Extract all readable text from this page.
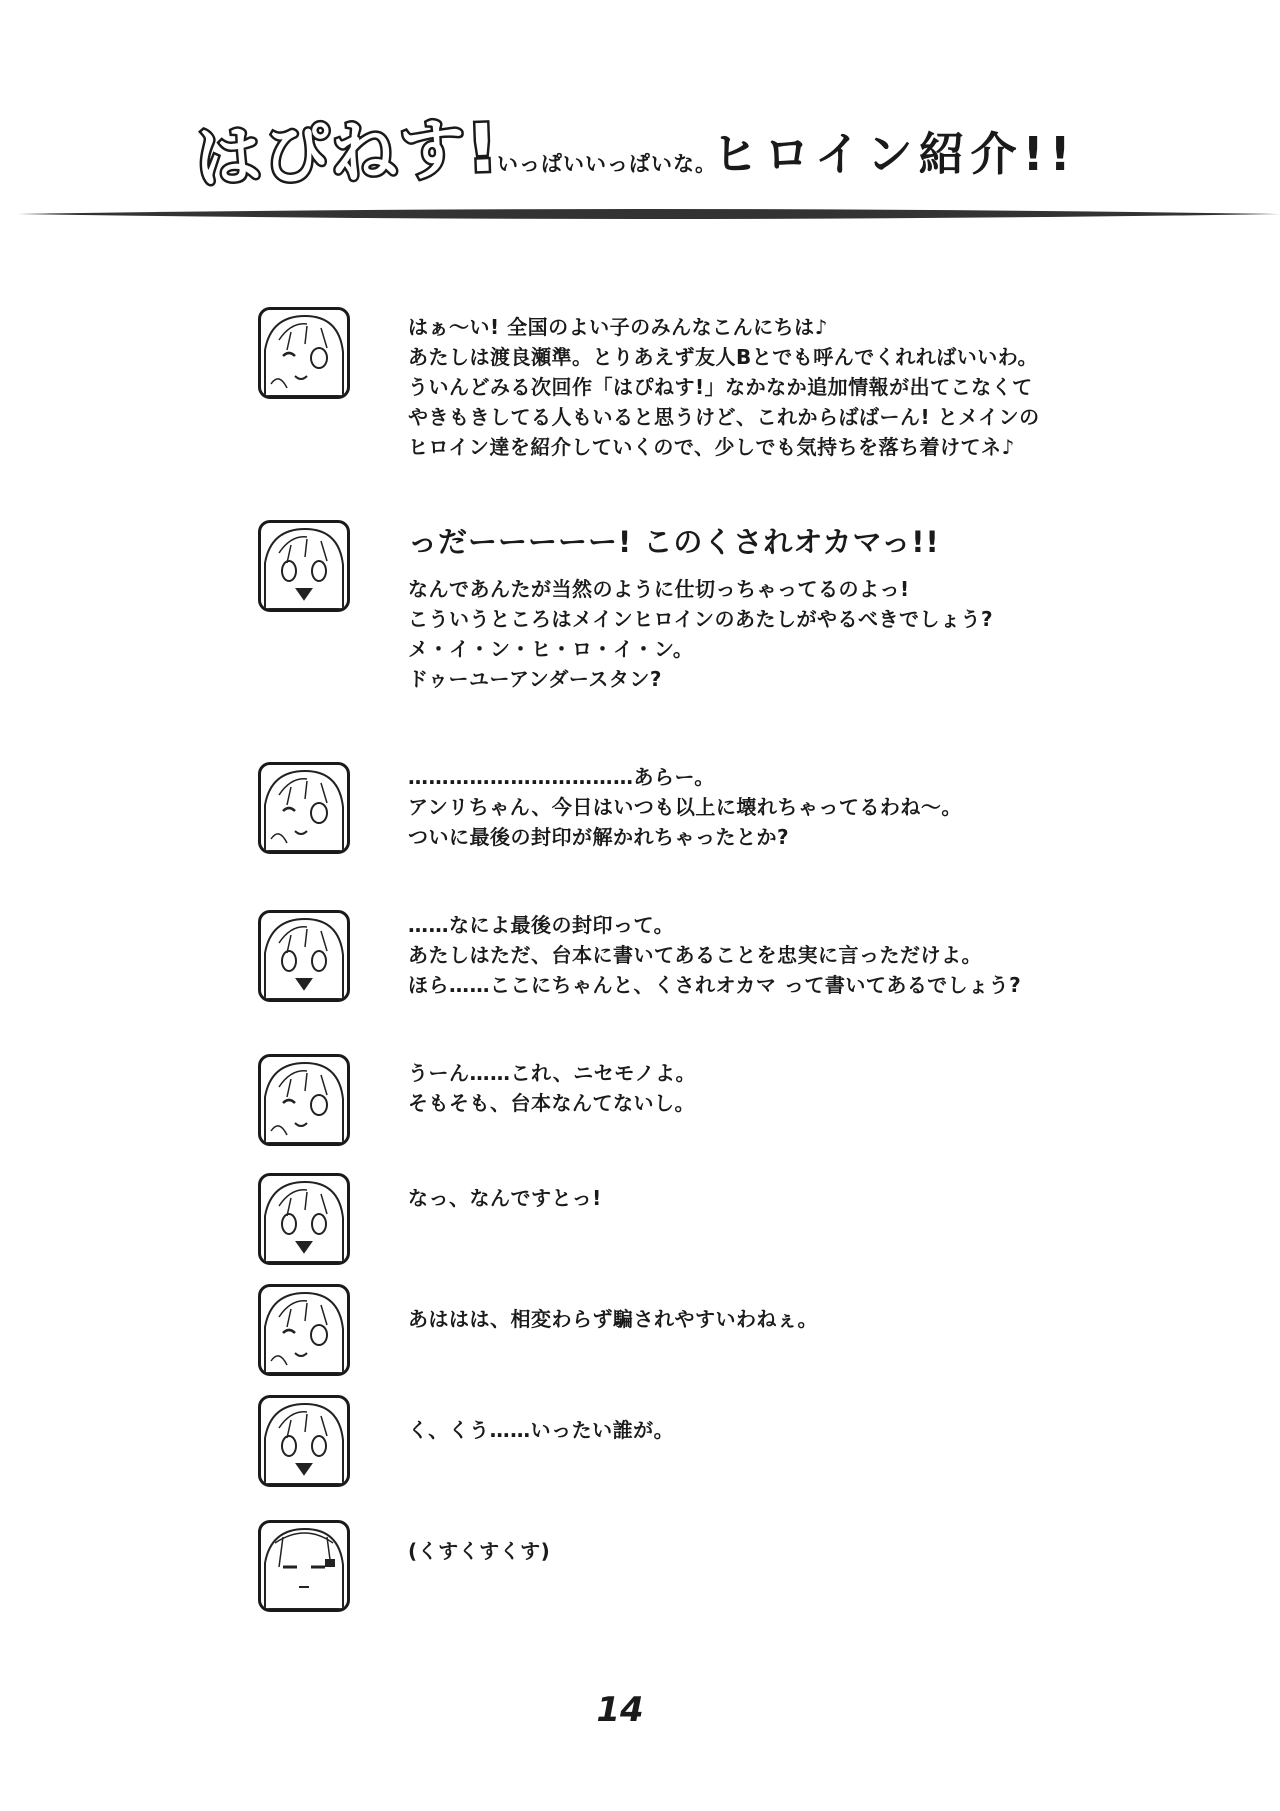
はぴねす!
いっぱいいっぱいな。
ヒロイン紹介!!
はぁ〜い! 全国のよい子のみんなこんにちは♪
あたしは渡良瀬準。とりあえず友人Bとでも呼んでくれればいいわ。
ういんどみる次回作「はぴねす!」なかなか追加情報が出てこなくて
やきもきしてる人もいると思うけど、これからばばーん! とメインの
ヒロイン達を紹介していくので、少しでも気持ちを落ち着けてネ♪
っだーーーーー! このくされオカマっ!!
なんであんたが当然のように仕切っちゃってるのよっ!
こういうところはメインヒロインのあたしがやるべきでしょう?
メ・イ・ン・ヒ・ロ・イ・ン。
ドゥーユーアンダースタン?
……………………………あらー。
アンリちゃん、今日はいつも以上に壊れちゃってるわね〜。
ついに最後の封印が解かれちゃったとか?
……なによ最後の封印って。
あたしはただ、台本に書いてあることを忠実に言っただけよ。
ほら……ここにちゃんと、くされオカマ って書いてあるでしょう?
うーん……これ、ニセモノよ。
そもそも、台本なんてないし。
なっ、なんですとっ!
あははは、相変わらず騙されやすいわねぇ。
く、くう……いったい誰が。
(くすくすくす)
14
